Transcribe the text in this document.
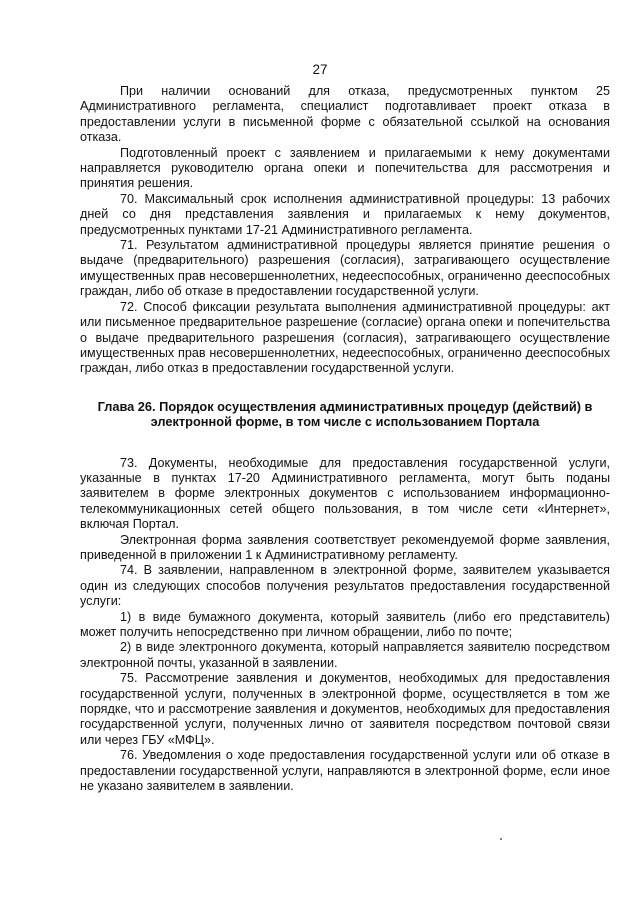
27

При наличии оснований для отказа, предусмотренных пунктом 25 Административного регламента, специалист подготавливает проект отказа в предоставлении услуги в письменной форме с обязательной ссылкой на основания отказа.

Подготовленный проект с заявлением и прилагаемыми к нему документами направляется руководителю органа опеки и попечительства для рассмотрения и принятия решения.

70. Максимальный срок исполнения административной процедуры: 13 рабочих дней со дня представления заявления и прилагаемых к нему документов, предусмотренных пунктами 17-21 Административного регламента.

71. Результатом административной процедуры является принятие решения о выдаче (предварительного) разрешения (согласия), затрагивающего осуществление имущественных прав несовершеннолетних, недееспособных, ограниченно дееспособных граждан, либо об отказе в предоставлении государственной услуги.

72. Способ фиксации результата выполнения административной процедуры: акт или письменное предварительное разрешение (согласие) органа опеки и попечительства о выдаче предварительного разрешения (согласия), затрагивающего осуществление имущественных прав несовершеннолетних, недееспособных, ограниченно дееспособных граждан, либо отказ в предоставлении государственной услуги.

Глава 26. Порядок осуществления административных процедур (действий) в электронной форме, в том числе с использованием Портала

73. Документы, необходимые для предоставления государственной услуги, указанные в пунктах 17-20 Административного регламента, могут быть поданы заявителем в форме электронных документов с использованием информационно-телекоммуникационных сетей общего пользования, в том числе сети «Интернет», включая Портал.

Электронная форма заявления соответствует рекомендуемой форме заявления, приведенной в приложении 1 к Административному регламенту.

74. В заявлении, направленном в электронной форме, заявителем указывается один из следующих способов получения результатов предоставления государственной услуги:

1) в виде бумажного документа, который заявитель (либо его представитель) может получить непосредственно при личном обращении, либо по почте;

2) в виде электронного документа, который направляется заявителю посредством электронной почты, указанной в заявлении.

75. Рассмотрение заявления и документов, необходимых для предоставления государственной услуги, полученных в электронной форме, осуществляется в том же порядке, что и рассмотрение заявления и документов, необходимых для предоставления государственной услуги, полученных лично от заявителя посредством почтовой связи или через ГБУ «МФЦ».

76. Уведомления о ходе предоставления государственной услуги или об отказе в предоставлении государственной услуги, направляются в электронной форме, если иное не указано заявителем в заявлении.
